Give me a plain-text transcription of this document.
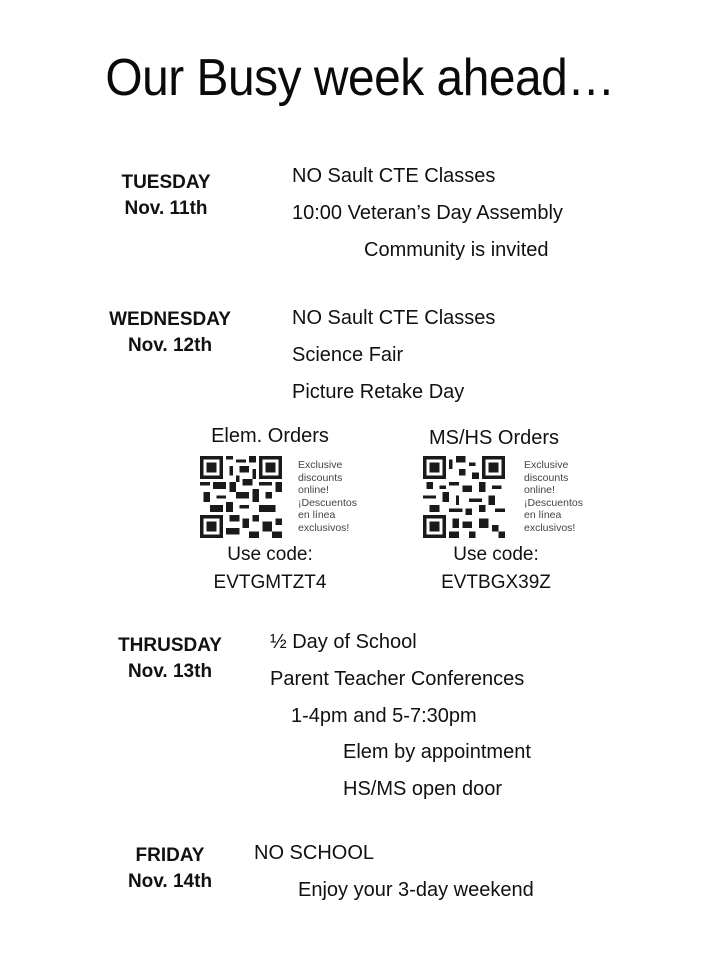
Our Busy week ahead…
TUESDAY
Nov. 11th
NO Sault CTE Classes
10:00 Veteran’s Day Assembly
Community is invited
WEDNESDAY
Nov. 12th
NO Sault CTE Classes
Science Fair
Picture Retake Day
Elem. Orders
Exclusive discounts online! ¡Descuentos en línea exclusivos!
Use code:
EVTGMTZT4
MS/HS Orders
Exclusive discounts online! ¡Descuentos en línea exclusivos!
Use code:
EVTBGX39Z
THRUSDAY
Nov. 13th
½ Day of School
Parent Teacher Conferences
1-4pm and 5-7:30pm
Elem by appointment
HS/MS open door
FRIDAY
Nov. 14th
NO SCHOOL
Enjoy your 3-day weekend
